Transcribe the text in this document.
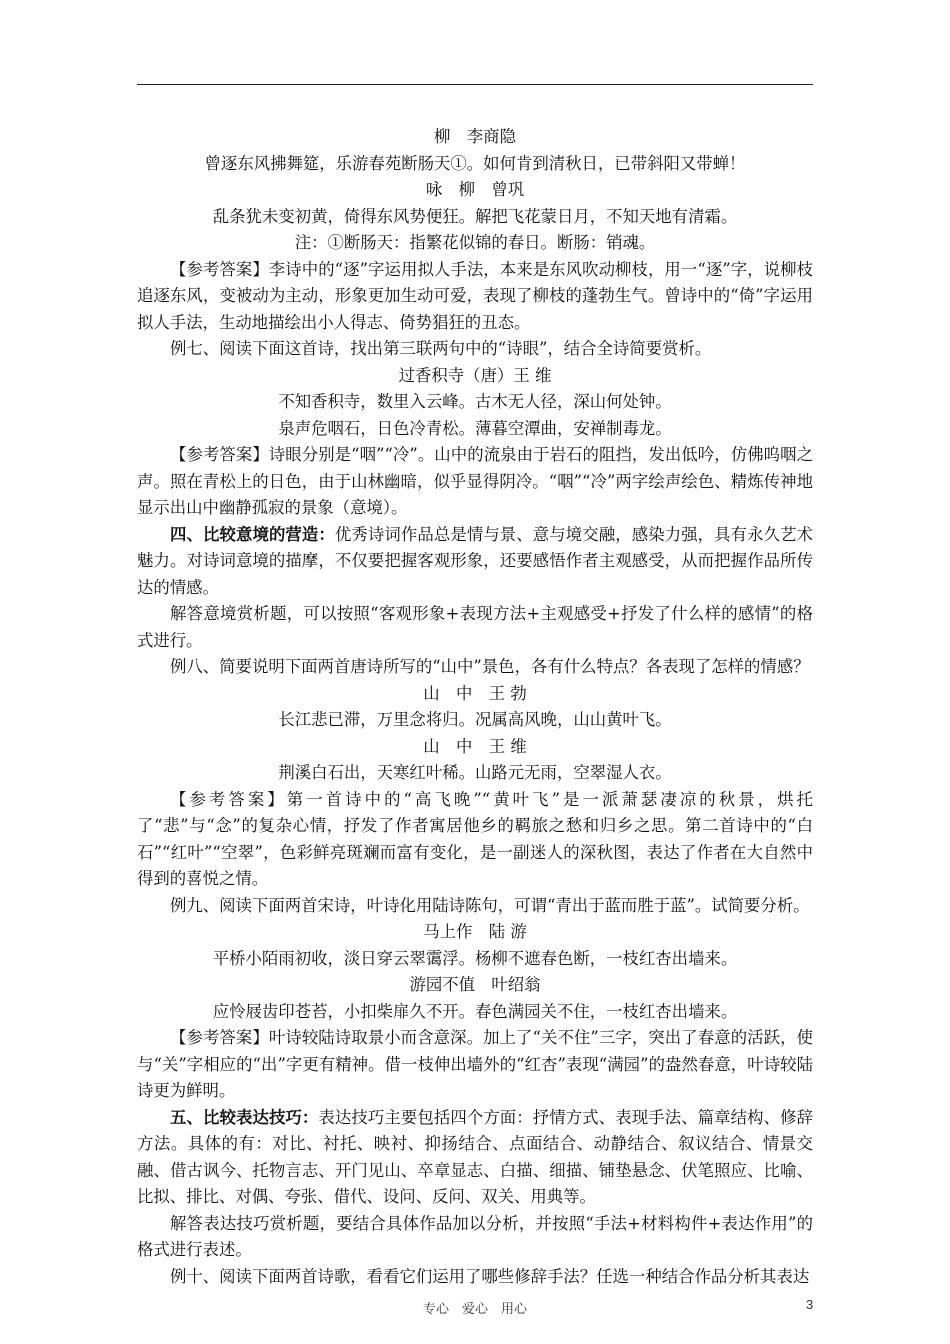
柳　李商隐

曾逐东风拂舞筵，乐游春苑断肠天①。如何肯到清秋日，已带斜阳又带蝉！

咏　柳　曾巩

乱条犹未变初黄，倚得东风势便狂。解把飞花蒙日月，不知天地有清霜。

注：①断肠天：指繁花似锦的春日。断肠：销魂。

【参考答案】李诗中的“逐”字运用拟人手法，本来是东风吹动柳枝，用一“逐”字，说柳枝追逐东风，变被动为主动，形象更加生动可爱，表现了柳枝的蓬勃生气。曾诗中的“倚”字运用拟人手法，生动地描绘出小人得志、倚势猖狂的丑态。

例七、阅读下面这首诗，找出第三联两句中的“诗眼”，结合全诗简要赏析。

过香积寺（唐）王 维

不知香积寺，数里入云峰。古木无人径，深山何处钟。

泉声危咽石，日色冷青松。薄暮空潭曲，安禅制毒龙。

【参考答案】诗眼分别是“咽”“冷”。山中的流泉由于岩石的阻挡，发出低吟，仿佛呜咽之声。照在青松上的日色，由于山林幽暗，似乎显得阴冷。“咽”“冷”两字绘声绘色、精炼传神地显示出山中幽静孤寂的景象（意境）。

四、比较意境的营造：优秀诗词作品总是情与景、意与境交融，感染力强，具有永久艺术魅力。对诗词意境的描摩，不仅要把握客观形象，还要感悟作者主观感受，从而把握作品所传达的情感。

解答意境赏析题，可以按照“客观形象+表现方法+主观感受+抒发了什么样的感情”的格式进行。

例八、简要说明下面两首唐诗所写的“山中”景色，各有什么特点？各表现了怎样的情感？

山　中　王 勃

长江悲已滞，万里念将归。况属高风晚，山山黄叶飞。

山　中　王 维

荆溪白石出，天寒红叶稀。山路元无雨，空翠湿人衣。

【参考答案】第一首诗中的“高飞晚”“黄叶飞”是一派萧瑟凄凉的秋景，烘托了“悲”与“念”的复杂心情，抒发了作者寓居他乡的羁旅之愁和归乡之思。第二首诗中的“白石”“红叶”“空翠”，色彩鲜亮斑斓而富有变化，是一副迷人的深秋图，表达了作者在大自然中得到的喜悦之情。

例九、阅读下面两首宋诗，叶诗化用陆诗陈句，可谓“青出于蓝而胜于蓝”。试简要分析。

马上作　陆 游

平桥小陌雨初收，淡日穿云翠霭浮。杨柳不遮春色断，一枝红杏出墙来。

游园不值　叶绍翁

应怜屐齿印苍苔，小扣柴扉久不开。春色满园关不住，一枝红杏出墙来。

【参考答案】叶诗较陆诗取景小而含意深。加上了“关不住”三字，突出了春意的活跃，使与“关”字相应的“出”字更有精神。借一枝伸出墙外的“红杏”表现“满园”的盎然春意，叶诗较陆诗更为鲜明。

五、比较表达技巧：表达技巧主要包括四个方面：抒情方式、表现手法、篇章结构、修辞方法。具体的有：对比、衬托、映衬、抑扬结合、点面结合、动静结合、叙议结合、情景交融、借古讽今、托物言志、开门见山、卒章显志、白描、细描、铺垫悬念、伏笔照应、比喻、比拟、排比、对偶、夸张、借代、设问、反问、双关、用典等。

解答表达技巧赏析题，要结合具体作品加以分析，并按照“手法+材料构件+表达作用”的格式进行表述。

例十、阅读下面两首诗歌，看看它们运用了哪些修辞手法？任选一种结合作品分析其表达

专心　爱心　用心	3
